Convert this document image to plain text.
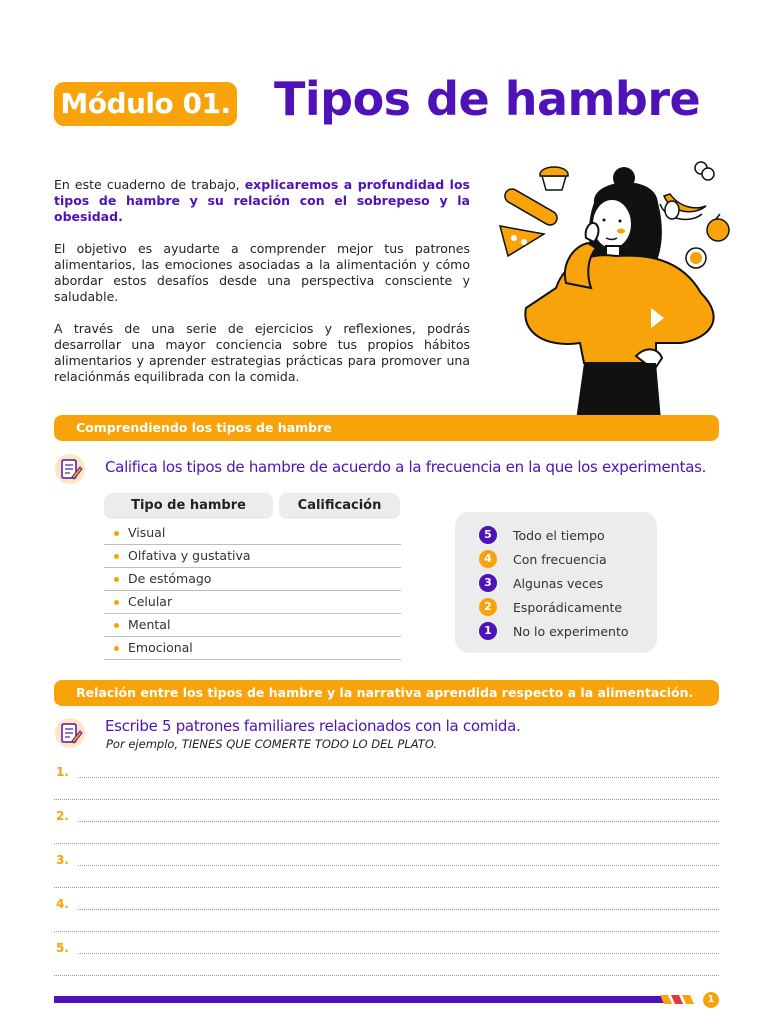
Módulo 01. Tipos de hambre

En este cuaderno de trabajo, explicaremos a profundidad los tipos de hambre y su relación con el sobrepeso y la obesidad.

El objetivo es ayudarte a comprender mejor tus patrones alimentarios, las emociones asociadas a la alimentación y cómo abordar estos desafíos desde una perspectiva consciente y saludable.

A través de una serie de ejercicios y reflexiones, podrás desarrollar una mayor conciencia sobre tus propios hábitos alimentarios y aprender estrategias prácticas para promover una relaciónmás equilibrada con la comida.

Comprendiendo los tipos de hambre
Califica los tipos de hambre de acuerdo a la frecuencia en la que los experimentas.
Tipo de hambre	Calificación
Visual
Olfativa y gustativa
De estómago
Celular
Mental
Emocional
5	Todo el tiempo
4	Con frecuencia
3	Algunas veces
2	Esporádicamente
1	No lo experimento
Relación entre los tipos de hambre y la narrativa aprendida respecto a la alimentación.
Escribe 5 patrones familiares relacionados con la comida.
Por ejemplo, TIENES QUE COMERTE TODO LO DEL PLATO.
1.
2.
3.
4.
5.
1
